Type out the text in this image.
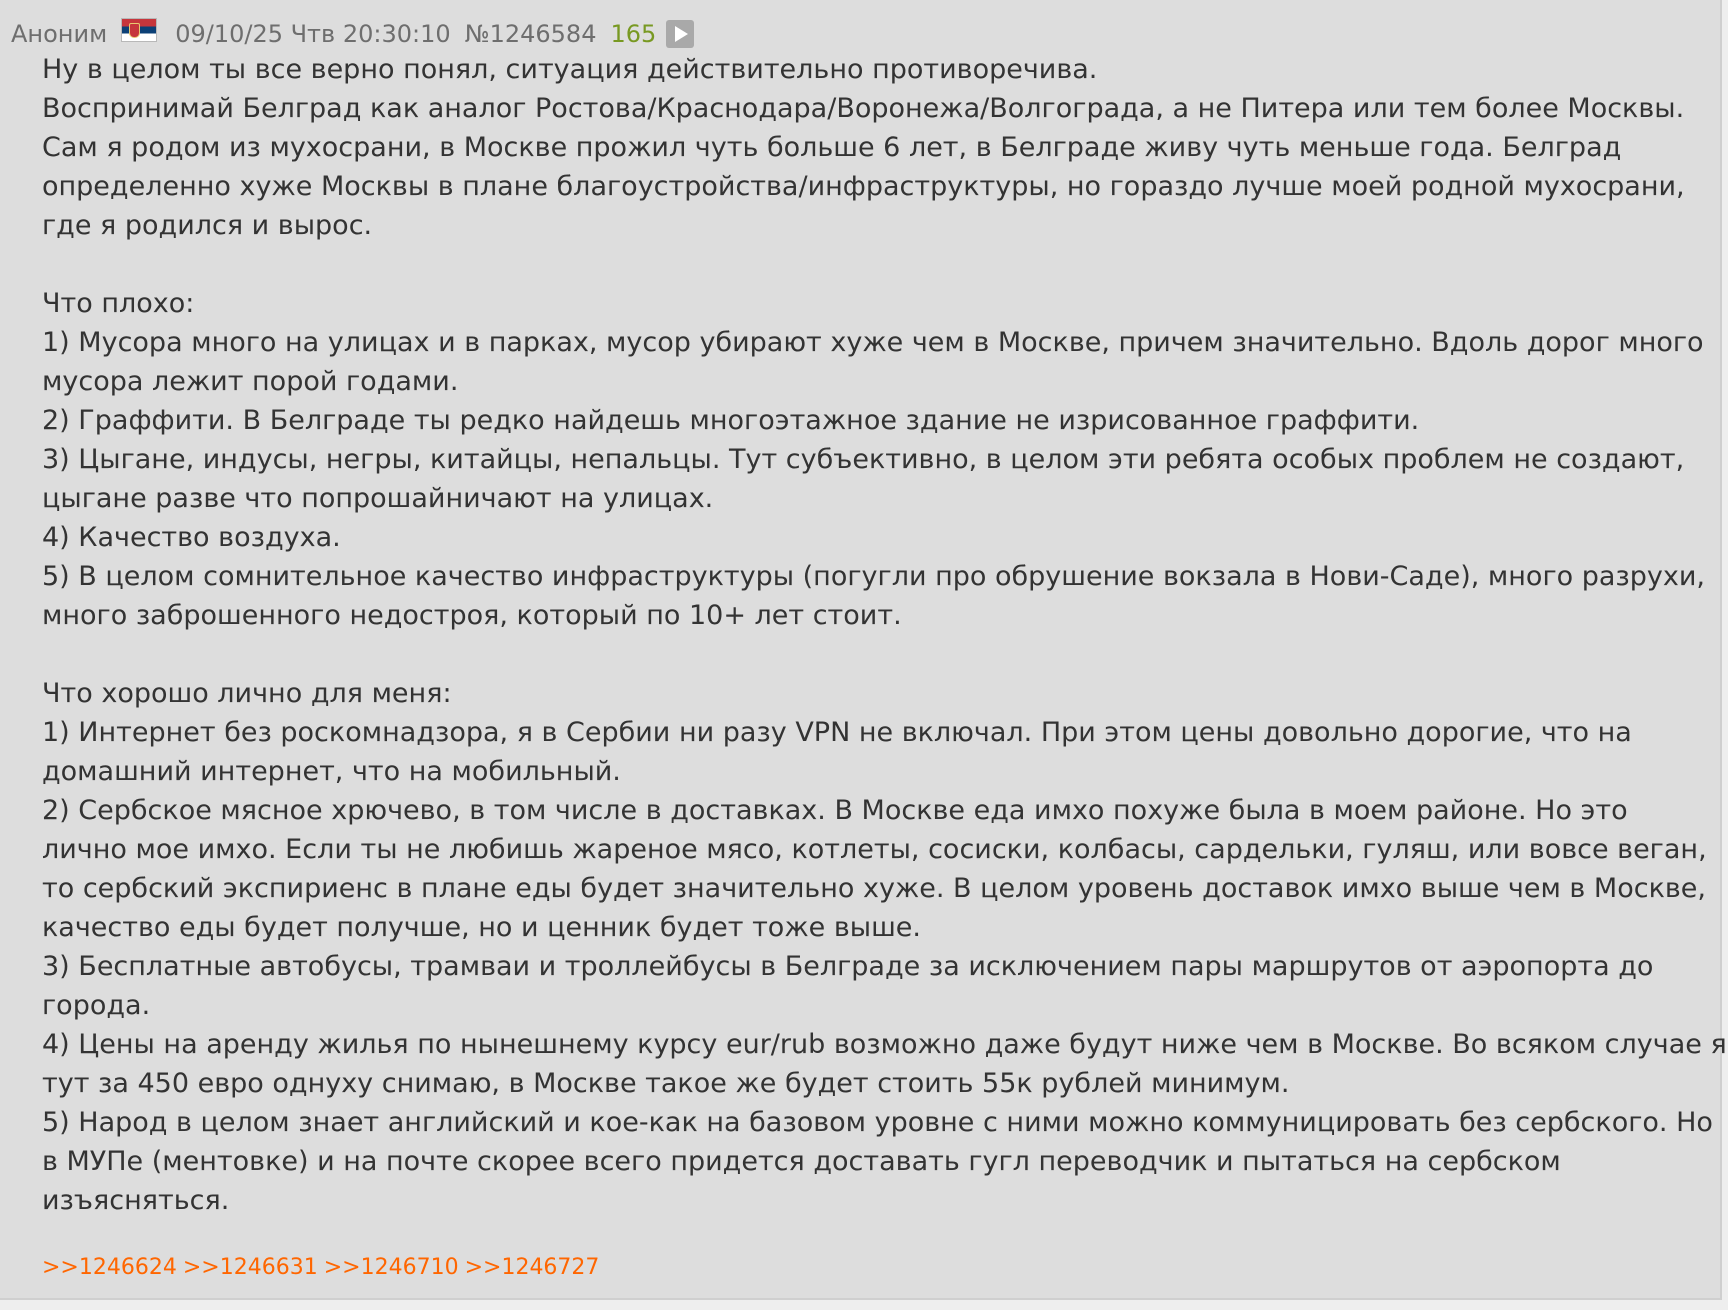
Аноним	09/10/25 Чтв 20:30:10 №1246584 165
Ну в целом ты все верно понял, ситуация действительно противоречива.
Воспринимай Белград как аналог Ростова/Краснодара/Воронежа/Волгограда, а не Питера или тем более Москвы.
Сам я родом из мухосрани, в Москве прожил чуть больше 6 лет, в Белграде живу чуть меньше года. Белград
определенно хуже Москвы в плане благоустройства/инфраструктуры, но гораздо лучше моей родной мухосрани,
где я родился и вырос.
Что плохо:
1) Мусора много на улицах и в парках, мусор убирают хуже чем в Москве, причем значительно. Вдоль дорог много
мусора лежит порой годами.
2) Граффити. В Белграде ты редко найдешь многоэтажное здание не изрисованное граффити.
3) Цыгане, индусы, негры, китайцы, непальцы. Тут субъективно, в целом эти ребята особых проблем не создают,
цыгане разве что попрошайничают на улицах.
4) Качество воздуха.
5) В целом сомнительное качество инфраструктуры (погугли про обрушение вокзала в Нови-Саде), много разрухи,
много заброшенного недостроя, который по 10+ лет стоит.
Что хорошо лично для меня:
1) Интернет без роскомнадзора, я в Сербии ни разу VPN не включал. При этом цены довольно дорогие, что на
домашний интернет, что на мобильный.
2) Сербское мясное хрючево, в том числе в доставках. В Москве еда имхо похуже была в моем районе. Но это
лично мое имхо. Если ты не любишь жареное мясо, котлеты, сосиски, колбасы, сардельки, гуляш, или вовсе веган,
то сербский экспириенс в плане еды будет значительно хуже. В целом уровень доставок имхо выше чем в Москве,
качество еды будет получше, но и ценник будет тоже выше.
3) Бесплатные автобусы, трамваи и троллейбусы в Белграде за исключением пары маршрутов от аэропорта до
города.
4) Цены на аренду жилья по нынешнему курсу eur/rub возможно даже будут ниже чем в Москве. Во всяком случае я
тут за 450 евро однуху снимаю, в Москве такое же будет стоить 55к рублей минимум.
5) Народ в целом знает английский и кое-как на базовом уровне с ними можно коммуницировать без сербского. Но
в МУПе (ментовке) и на почте скорее всего придется доставать гугл переводчик и пытаться на сербском
изъясняться.
>>1246624 >>1246631 >>1246710 >>1246727
